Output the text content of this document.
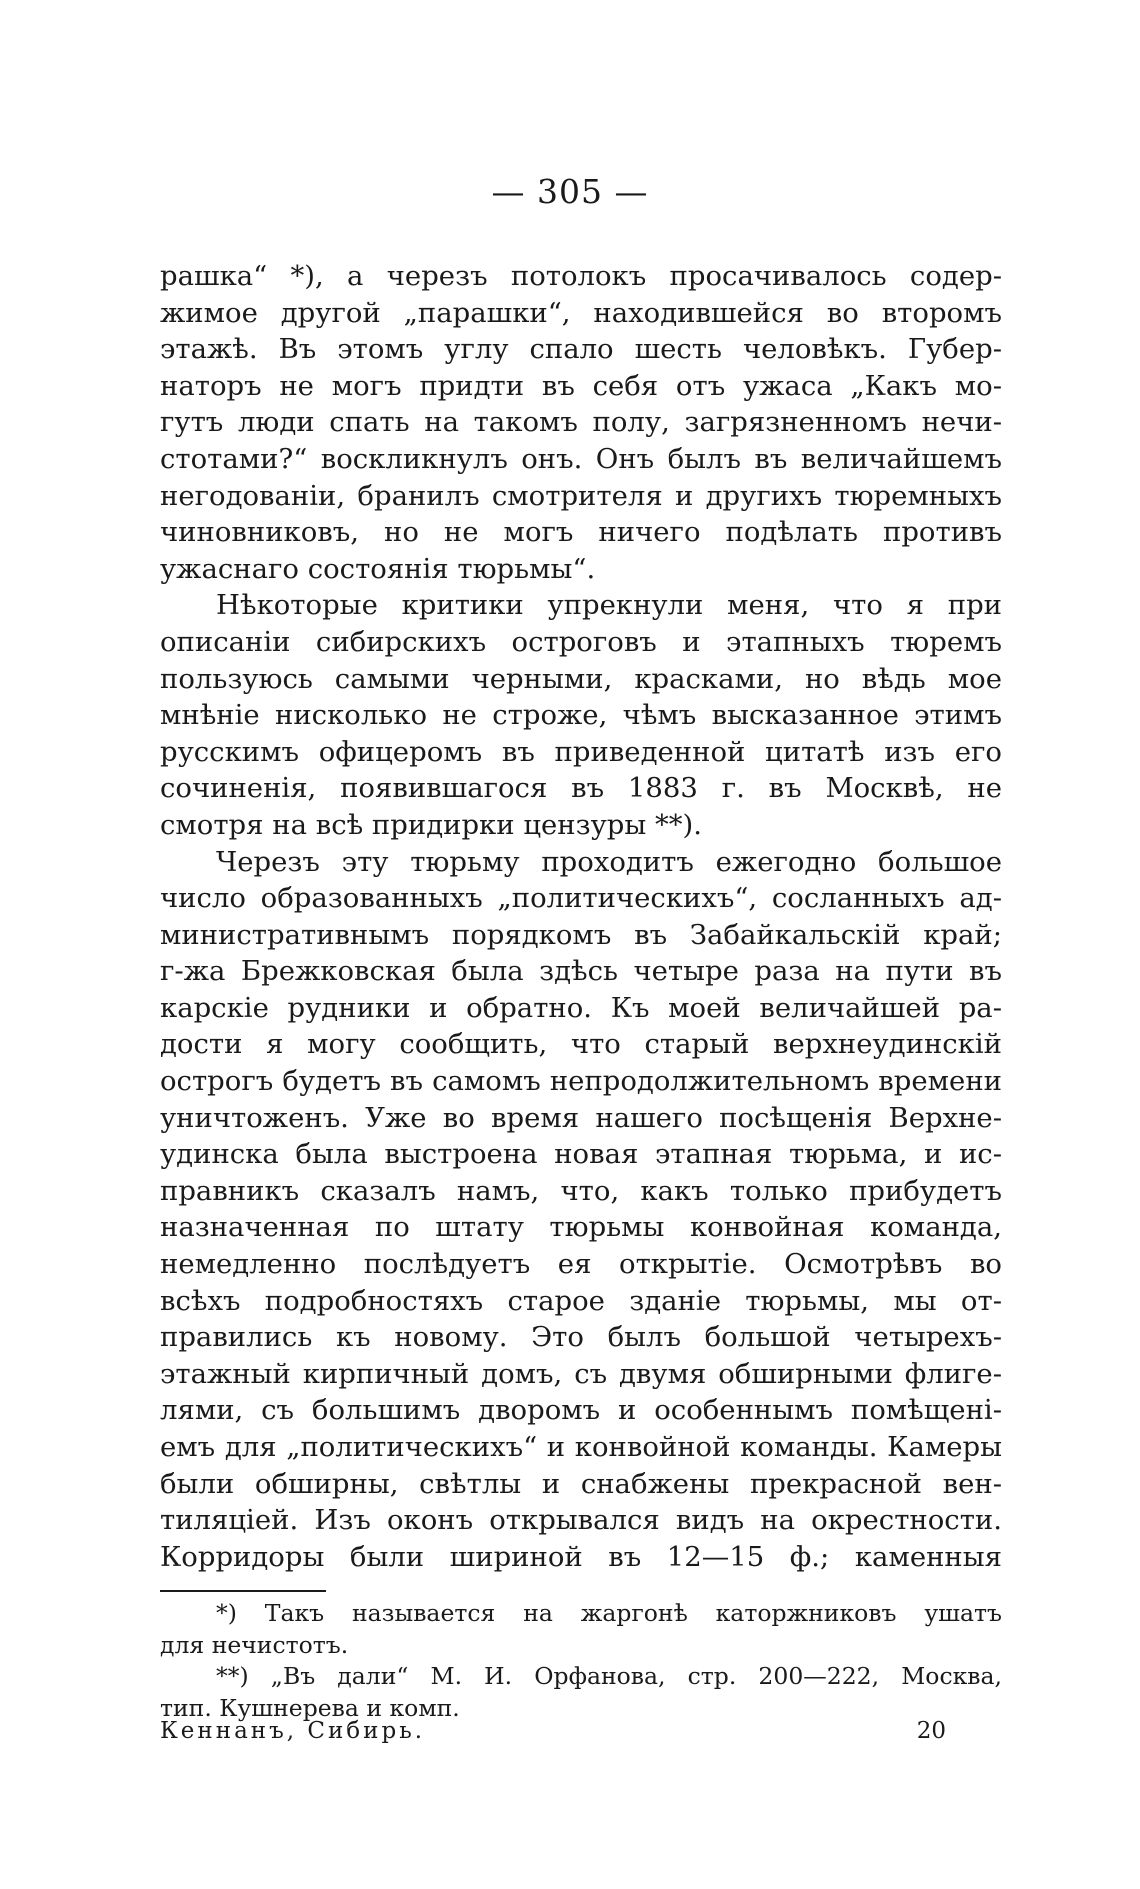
— 305 —
рашка“ *), а черезъ потолокъ просачивалось содер-
жимое другой „парашки“, находившейся во второмъ
этажѣ. Въ этомъ углу спало шесть человѣкъ. Губер-
наторъ не могъ придти въ себя отъ ужаса „Какъ мо-
гутъ люди спать на такомъ полу, загрязненномъ нечи-
стотами?“ воскликнулъ онъ. Онъ былъ въ величайшемъ
негодованіи, бранилъ смотрителя и другихъ тюремныхъ
чиновниковъ, но не могъ ничего подѣлать противъ
ужаснаго состоянія тюрьмы“.
Нѣкоторые критики упрекнули меня, что я при
описаніи сибирскихъ остроговъ и этапныхъ тюремъ
пользуюсь самыми черными, красками, но вѣдь мое
мнѣніе нисколько не строже, чѣмъ высказанное этимъ
русскимъ офицеромъ въ приведенной цитатѣ изъ его
сочиненія, появившагося въ 1883 г. въ Москвѣ, не
смотря на всѣ придирки цензуры **).
Черезъ эту тюрьму проходитъ ежегодно большое
число образованныхъ „политическихъ“, сосланныхъ ад-
министративнымъ порядкомъ въ Забайкальскій край;
г-жа Брежковская была здѣсь четыре раза на пути въ
карскіе рудники и обратно. Къ моей величайшей ра-
дости я могу сообщить, что старый верхнеудинскій
острогъ будетъ въ самомъ непродолжительномъ времени
уничтоженъ. Уже во время нашего посѣщенія Верхне-
удинска была выстроена новая этапная тюрьма, и ис-
правникъ сказалъ намъ, что, какъ только прибудетъ
назначенная по штату тюрьмы конвойная команда,
немедленно послѣдуетъ ея открытіе. Осмотрѣвъ во
всѣхъ подробностяхъ старое зданіе тюрьмы, мы от-
правились къ новому. Это былъ большой четырехъ-
этажный кирпичный домъ, съ двумя обширными флиге-
лями, съ большимъ дворомъ и особеннымъ помѣщені-
емъ для „политическихъ“ и конвойной команды. Камеры
были обширны, свѣтлы и снабжены прекрасной вен-
тиляціей. Изъ оконъ открывался видъ на окрестности.
Корридоры были шириной въ 12—15 ф.; каменныя
*) Такъ называется на жаргонѣ каторжниковъ ушатъ
для нечистотъ.
**) „Въ дали“ М. И. Орфанова, стр. 200—222, Москва,
тип. Кушнерева и комп.
Кеннанъ, Сибирь.	20
